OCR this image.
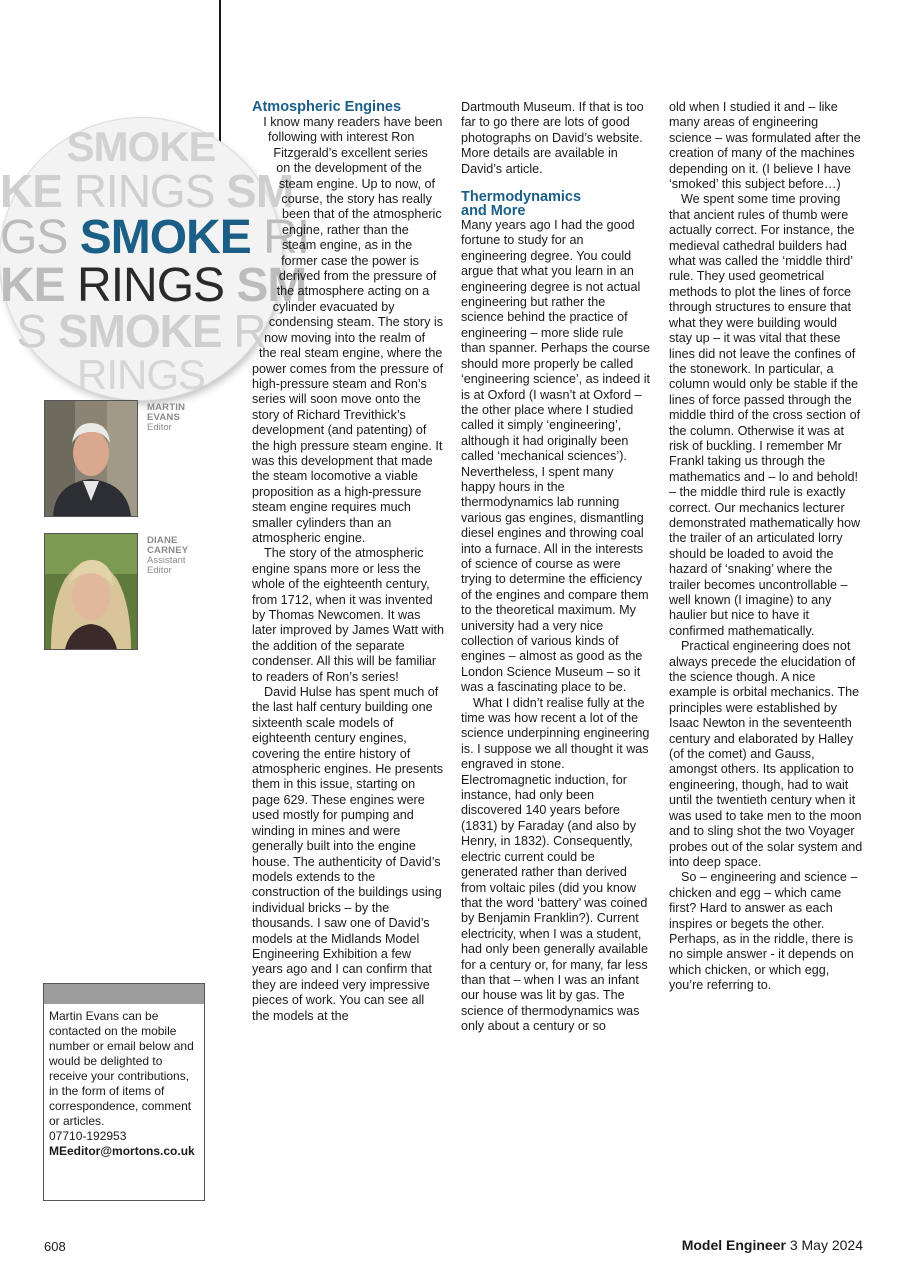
SMOKE
KE RINGS SM
GS SMOKE RI
KE RINGS SM
S SMOKE R
RINGS
MARTIN
EVANS
Editor
DIANE
CARNEY
Assistant
Editor
Martin Evans can be contacted on the mobile number or email below and would be delighted to receive your contributions, in the form of items of correspondence, comment or articles.
07710-192953
MEeditor@mortons.co.uk
Atmospheric Engines

I know many readers have been following with interest Ron Fitzgerald’s excellent series on the development of the steam engine. Up to now, of course, the story has really been that of the atmospheric engine, rather than the steam engine, as in the former case the power is derived from the pressure of the atmosphere acting on a cylinder evacuated by condensing steam. The story is now moving into the realm of the real steam engine, where the power comes from the pressure of high-pressure steam and Ron’s series will soon move onto the story of Richard Trevithick’s development (and patenting) of the high pressure steam engine. It was this development that made the steam locomotive a viable proposition as a high-pressure steam engine requires much smaller cylinders than an atmospheric engine.

The story of the atmospheric engine spans more or less the whole of the eighteenth century, from 1712, when it was invented by Thomas Newcomen. It was later improved by James Watt with the addition of the separate condenser. All this will be familiar to readers of Ron’s series!

David Hulse has spent much of the last half century building one sixteenth scale models of eighteenth century engines, covering the entire history of atmospheric engines. He presents them in this issue, starting on page 629. These engines were used mostly for pumping and winding in mines and were generally built into the engine house. The authenticity of David’s models extends to the construction of the buildings using individual bricks – by the thousands. I saw one of David’s models at the Midlands Model Engineering Exhibition a few years ago and I can confirm that they are indeed very impressive pieces of work. You can see all the models at the

Dartmouth Museum. If that is too far to go there are lots of good photographs on David’s website. More details are available in David’s article.

Thermodynamics and More

Many years ago I had the good fortune to study for an engineering degree. You could argue that what you learn in an engineering degree is not actual engineering but rather the science behind the practice of engineering – more slide rule than spanner. Perhaps the course should more properly be called ‘engineering science’, as indeed it is at Oxford (I wasn’t at Oxford – the other place where I studied called it simply ‘engineering’, although it had originally been called ‘mechanical sciences’). Nevertheless, I spent many happy hours in the thermodynamics lab running various gas engines, dismantling diesel engines and throwing coal into a furnace. All in the interests of science of course as were trying to determine the efficiency of the engines and compare them to the theoretical maximum. My university had a very nice collection of various kinds of engines – almost as good as the London Science Museum – so it was a fascinating place to be.

What I didn’t realise fully at the time was how recent a lot of the science underpinning engineering is. I suppose we all thought it was engraved in stone. Electromagnetic induction, for instance, had only been discovered 140 years before (1831) by Faraday (and also by Henry, in 1832). Consequently, electric current could be generated rather than derived from voltaic piles (did you know that the word ‘battery’ was coined by Benjamin Franklin?). Current electricity, when I was a student, had only been generally available for a century or, for many, far less than that – when I was an infant our house was lit by gas. The science of thermodynamics was only about a century or so

old when I studied it and – like many areas of engineering science – was formulated after the creation of many of the machines depending on it. (I believe I have ‘smoked’ this subject before…)

We spent some time proving that ancient rules of thumb were actually correct. For instance, the medieval cathedral builders had what was called the ‘middle third’ rule. They used geometrical methods to plot the lines of force through structures to ensure that what they were building would stay up – it was vital that these lines did not leave the confines of the stonework. In particular, a column would only be stable if the lines of force passed through the middle third of the cross section of the column. Otherwise it was at risk of buckling. I remember Mr Frankl taking us through the mathematics and – lo and behold! – the middle third rule is exactly correct. Our mechanics lecturer demonstrated mathematically how the trailer of an articulated lorry should be loaded to avoid the hazard of ‘snaking’ where the trailer becomes uncontrollable – well known (I imagine) to any haulier but nice to have it confirmed mathematically.

Practical engineering does not always precede the elucidation of the science though. A nice example is orbital mechanics. The principles were established by Isaac Newton in the seventeenth century and elaborated by Halley (of the comet) and Gauss, amongst others. Its application to engineering, though, had to wait until the twentieth century when it was used to take men to the moon and to sling shot the two Voyager probes out of the solar system and into deep space.

So – engineering and science – chicken and egg – which came first? Hard to answer as each inspires or begets the other. Perhaps, as in the riddle, there is no simple answer - it depends on which chicken, or which egg, you’re referring to.

608	Model Engineer 3 May 2024
